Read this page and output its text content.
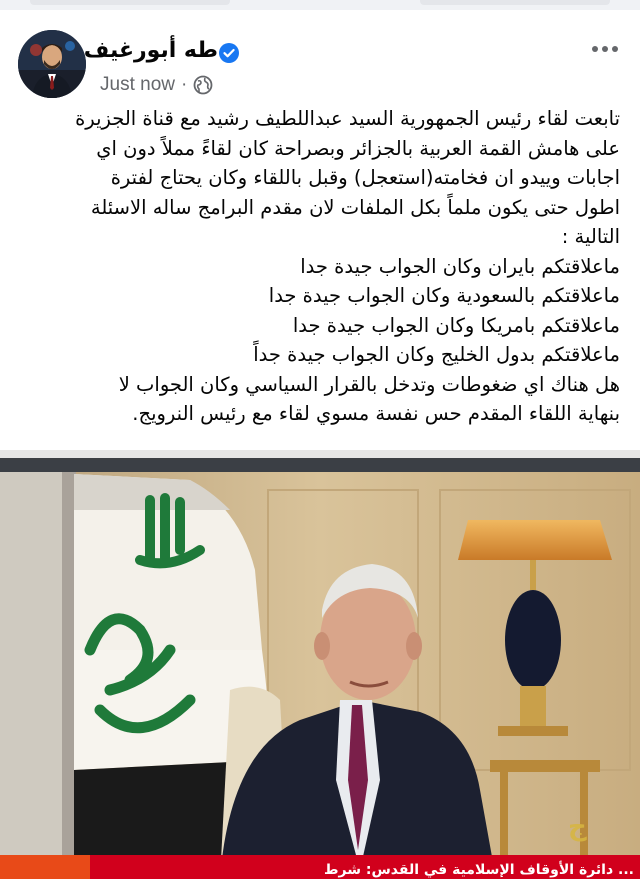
طه أبورغيف
Just now ·
تابعت لقاء رئيس الجمهورية السيد عبداللطيف رشيد مع قناة الجزيرة
على هامش القمة العربية بالجزائر وبصراحة كان لقاءً مملاً دون اي
اجابات وييدو ان فخامته(استعجل) وقبل باللقاء وكان يحتاج لفترة
اطول حتى يكون ملماً بكل الملفات لان مقدم البرامج ساله الاسئلة
التالية :
ماعلاقتكم بايران وكان الجواب جيدة جدا
ماعلاقتكم بالسعودية وكان الجواب جيدة جدا
ماعلاقتكم بامريكا وكان الجواب جيدة جدا
ماعلاقتكم بدول الخليج وكان الجواب جيدة جداً
هل هناك اي ضغوطات وتدخل بالقرار السياسي وكان الجواب لا
بنهاية اللقاء المقدم حس نفسة مسوي لقاء مع رئيس النرويج.
ﺝ
... دائرة الأوقاف الإسلامية في القدس: شرط
